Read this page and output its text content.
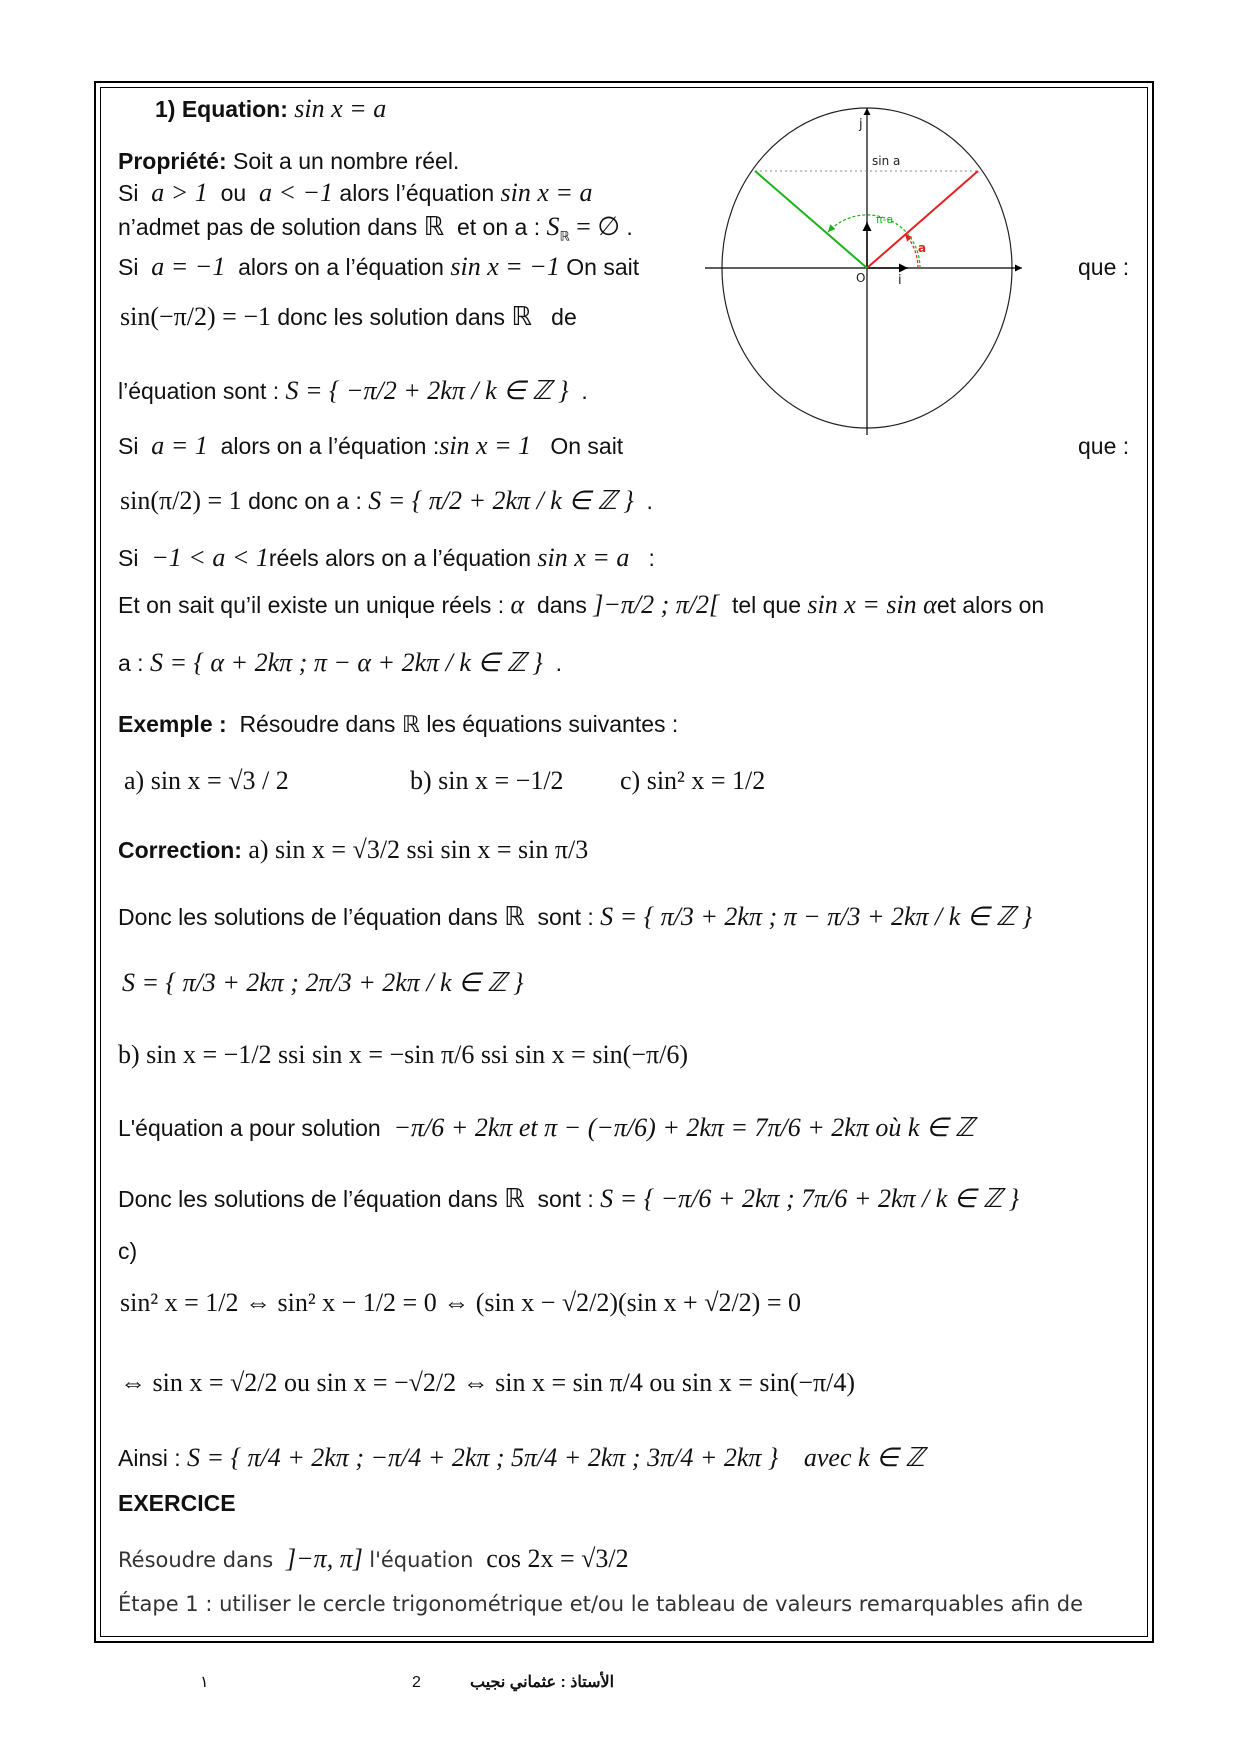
1) Equation: sin x = a
Propriété: Soit a un nombre réel.
Si a > 1 ou a < −1 alors l’équation sin x = a
n’admet pas de solution dans ℝ et on a : $S_ℝ$ = ∅ .
Si a = −1 alors on a l’équation sin x = −1 On sait	que :
sin(−π/2) = −1 donc les solution dans ℝ de
l’équation sont : S = { −π/2 + 2kπ / k ∈ ℤ } .
Si a = 1 alors on a l’équation :sin x = 1 On sait	que :
sin(π/2) = 1 donc on a : S = { π/2 + 2kπ / k ∈ ℤ } .
Si −1 < a < 1réels alors on a l’équation sin x = a :
Et on sait qu’il existe un unique réels : α dans ]−π/2 ; π/2[ tel que sin x = sin αet alors on
a : S = { α + 2kπ ; π − α + 2kπ / k ∈ ℤ } .
j
i
O
sin a
π-a
a
Exemple : Résoudre dans ℝ les équations suivantes :
a) sin x = √3 / 2	b) sin x = −1/2 c) sin² x = 1/2
Correction: a) sin x = √3/2 ssi sin x = sin π/3
Donc les solutions de l’équation dans ℝ sont : S = { π/3 + 2kπ ; π − π/3 + 2kπ / k ∈ ℤ }
S = { π/3 + 2kπ ; 2π/3 + 2kπ / k ∈ ℤ }
b) sin x = −1/2 ssi sin x = −sin π/6 ssi sin x = sin(−π/6)
L'équation a pour solution −π/6 + 2kπ et π − (−π/6) + 2kπ = 7π/6 + 2kπ où k ∈ ℤ
Donc les solutions de l’équation dans ℝ sont : S = { −π/6 + 2kπ ; 7π/6 + 2kπ / k ∈ ℤ }
c)
sin² x = 1/2 ⇔ sin² x − 1/2 = 0 ⇔ (sin x − √2/2)(sin x + √2/2) = 0
⇔ sin x = √2/2 ou sin x = −√2/2 ⇔ sin x = sin π/4 ou sin x = sin(−π/4)
Ainsi : S = { π/4 + 2kπ ; −π/4 + 2kπ ; 5π/4 + 2kπ ; 3π/4 + 2kπ } avec k ∈ ℤ
EXERCICE
Résoudre dans ]−π, π] l'équation cos 2x = √3/2
Étape 1 : utiliser le cercle trigonométrique et/ou le tableau de valeurs remarquables afin de
١	2	الأستاذ : عثماني نجيب
